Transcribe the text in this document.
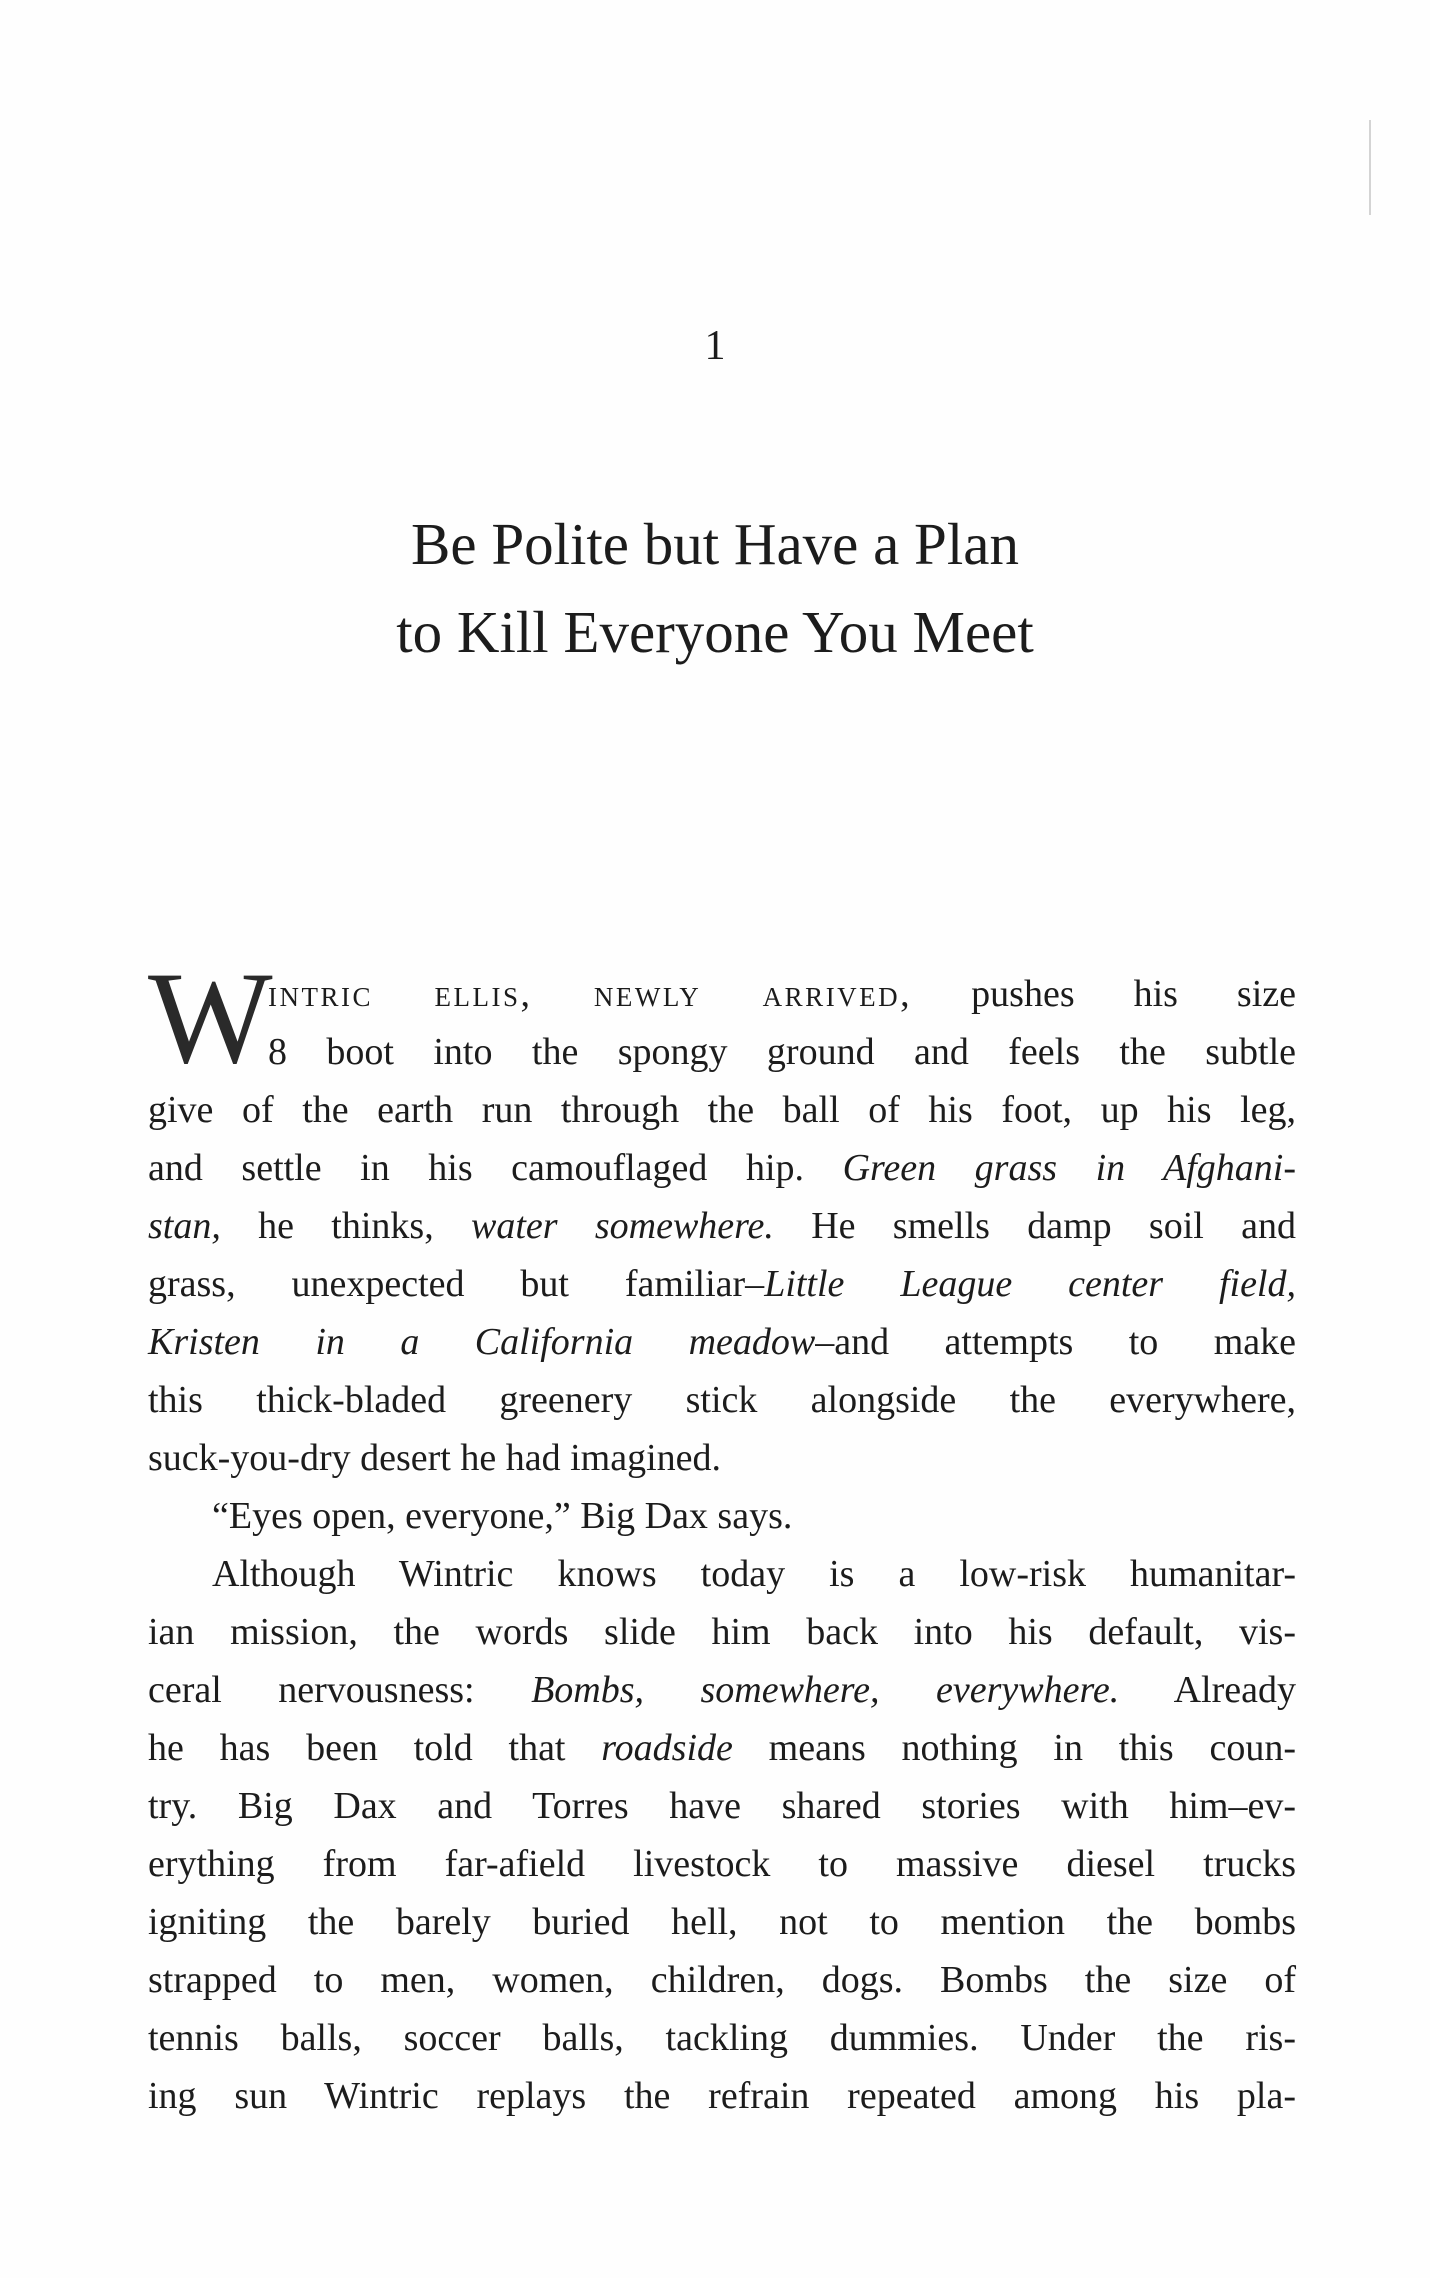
1
Be Polite but Have a Plan
to Kill Everyone You Meet
W
intric ellis, newly arrived, pushes his size
8 boot into the spongy ground and feels the subtle
give of the earth run through the ball of his foot, up his leg,
and settle in his camouflaged hip. Green grass in Afghani-
stan, he thinks, water somewhere. He smells damp soil and
grass, unexpected but familiar–Little League center field,
Kristen in a California meadow–and attempts to make
this thick-bladed greenery stick alongside the everywhere,
suck-you-dry desert he had imagined.
“Eyes open, everyone,” Big Dax says.
Although Wintric knows today is a low-risk humanitar-
ian mission, the words slide him back into his default, vis-
ceral nervousness: Bombs, somewhere, everywhere. Already
he has been told that roadside means nothing in this coun-
try. Big Dax and Torres have shared stories with him–ev-
erything from far-afield livestock to massive diesel trucks
igniting the barely buried hell, not to mention the bombs
strapped to men, women, children, dogs. Bombs the size of
tennis balls, soccer balls, tackling dummies. Under the ris-
ing sun Wintric replays the refrain repeated among his pla-
